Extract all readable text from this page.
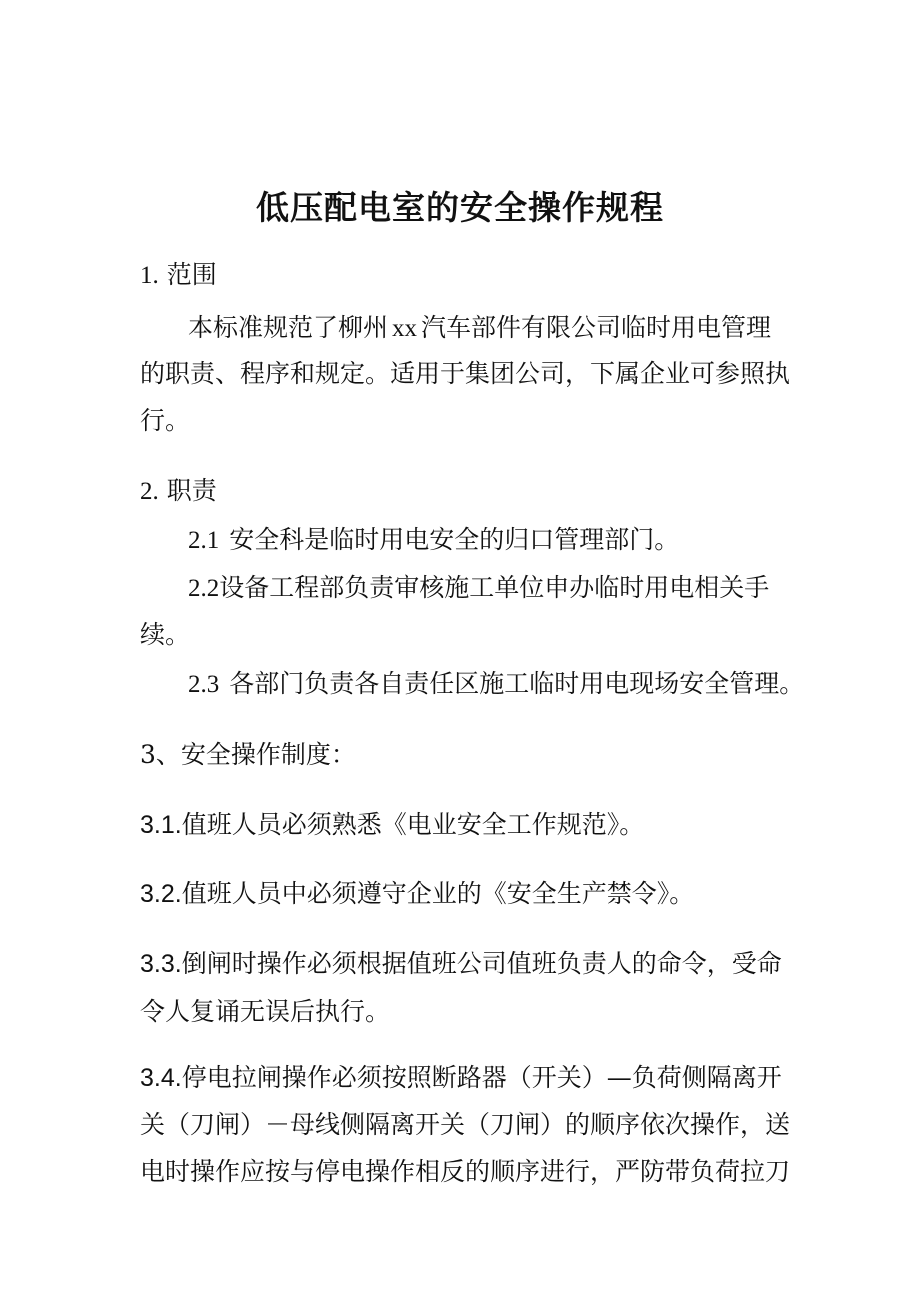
低压配电室的安全操作规程
1. 范围
本标准规范了柳州 xx 汽车部件有限公司临时用电管理
的职责、程序和规定。适用于集团公司，下属企业可参照执
行。
2. 职责
2.1 安全科是临时用电安全的归口管理部门。
2.2设备工程部负责审核施工单位申办临时用电相关手
续。
2.3 各部门负责各自责任区施工临时用电现场安全管理。
3、安全操作制度：
3.1.值班人员必须熟悉《电业安全工作规范》。
3.2.值班人员中必须遵守企业的《安全生产禁令》。
3.3.倒闸时操作必须根据值班公司值班负责人的命令，受命
令人复诵无误后执行。
3.4.停电拉闸操作必须按照断路器（开关）—负荷侧隔离开
关（刀闸）－母线侧隔离开关（刀闸）的顺序依次操作，送
电时操作应按与停电操作相反的顺序进行，严防带负荷拉刀
